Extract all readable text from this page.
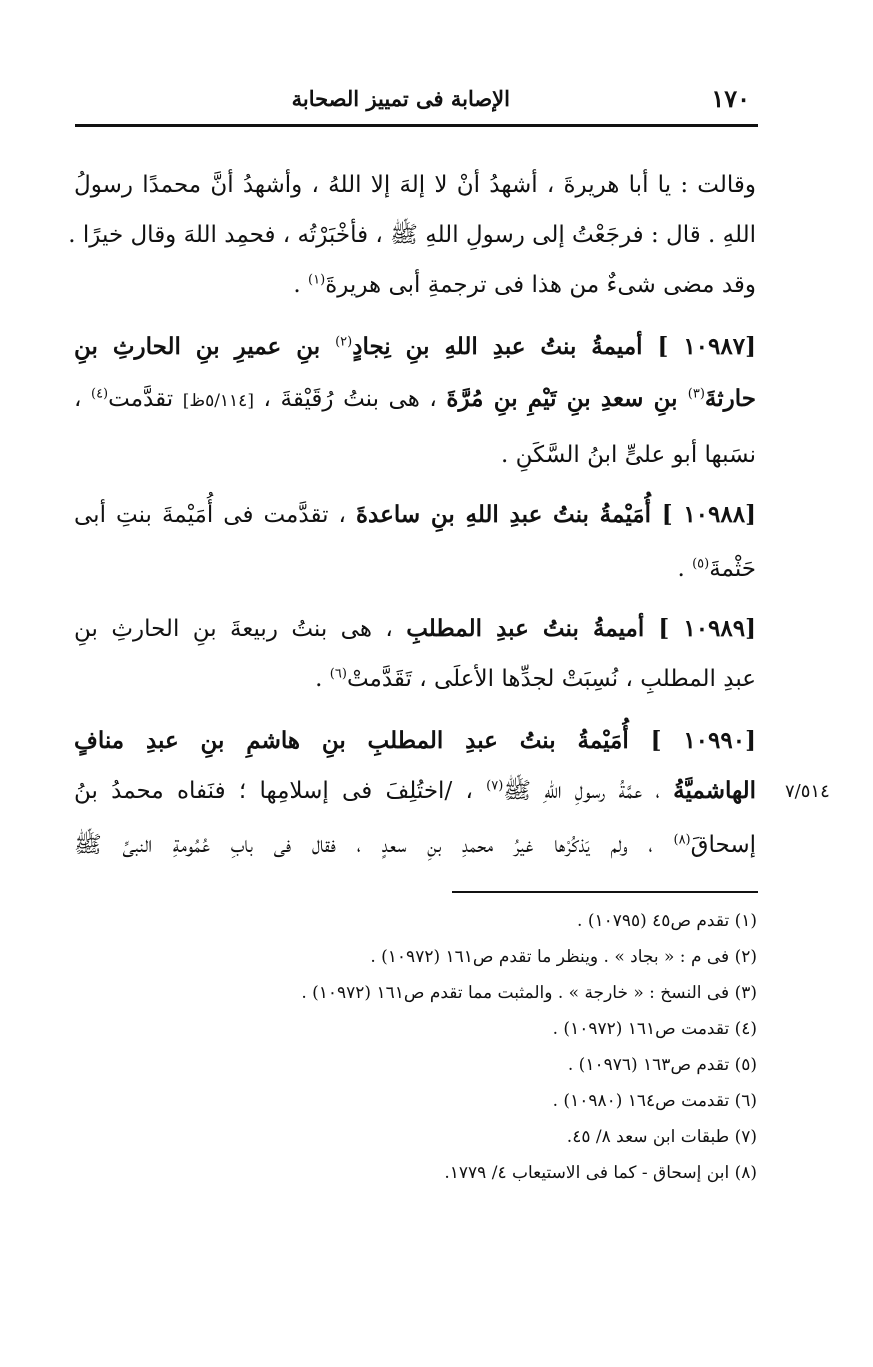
١٧٠
الإصابة فى تمييز الصحابة
وقالت : يا أبا هريرةَ ، أشهدُ أنْ لا إلهَ إلا اللهُ ، وأشهدُ أنَّ محمدًا رسولُ
اللهِ . قال : فرجَعْتُ إلى رسولِ اللهِ ﷺ ، فأخْبَرْتُه ، فحمِد اللهَ وقال خيرًا .
وقد مضى شىءٌ من هذا فى ترجمةِ أبى هريرةَ$^{(١)}$ .
[١٠٩٨٧ ] أميمةُ بنتُ عبدِ اللهِ بنِ نِجادٍ$^{(٢)}$ بنِ عميرِ بنِ الحارثِ بنِ
حارثةَ$^{(٣)}$ بنِ سعدِ بنِ تَيْمِ بنِ مُرَّةَ ، هى بنتُ رُقَيْقةَ ، [٥/١١٤ظ] تقدَّمت$^{(٤)}$ ،
نسَبها أبو علىٍّ ابنُ السَّكَنِ .
[١٠٩٨٨ ] أُمَيْمةُ بنتُ عبدِ اللهِ بنِ ساعدةَ ، تقدَّمت فى أُمَيْمةَ بنتِ أبى
حَثْمةَ$^{(٥)}$ .
[١٠٩٨٩ ] أميمةُ بنتُ عبدِ المطلبِ ، هى بنتُ ربيعةَ بنِ الحارثِ بنِ
عبدِ المطلبِ ، نُسِبَتْ لجدِّها الأعلَى ، تَقَدَّمتْ$^{(٦)}$ .
[١٠٩٩٠ ] أُمَيْمةُ بنتُ عبدِ المطلبِ بنِ هاشمِ بنِ عبدِ منافٍ
الهاشميَّةُ ، عمَّةُ رسولِ اللهِ ﷺ$^{(٧)}$ ، /اختُلِفَ فى إسلامِها ؛ فنَفاه محمدُ بنُ
إسحاقَ$^{(٨)}$ ، ولم يَذكُرْها غيرُ محمدِ بنِ سعدٍ ، فقال فى بابِ عُمُومةِ النبىِّ ﷺ
٧/٥١٤
(١) تقدم ص٤٥ (١٠٧٩٥) .
(٢) فى م : « بجاد » . وينظر ما تقدم ص١٦١ (١٠٩٧٢) .
(٣) فى النسخ : « خارجة » . والمثبت مما تقدم ص١٦١ (١٠٩٧٢) .
(٤) تقدمت ص١٦١ (١٠٩٧٢) .
(٥) تقدم ص١٦٣ (١٠٩٧٦) .
(٦) تقدمت ص١٦٤ (١٠٩٨٠) .
(٧) طبقات ابن سعد ٨/ ٤٥.
(٨) ابن إسحاق - كما فى الاستيعاب ٤/ ١٧٧٩.
